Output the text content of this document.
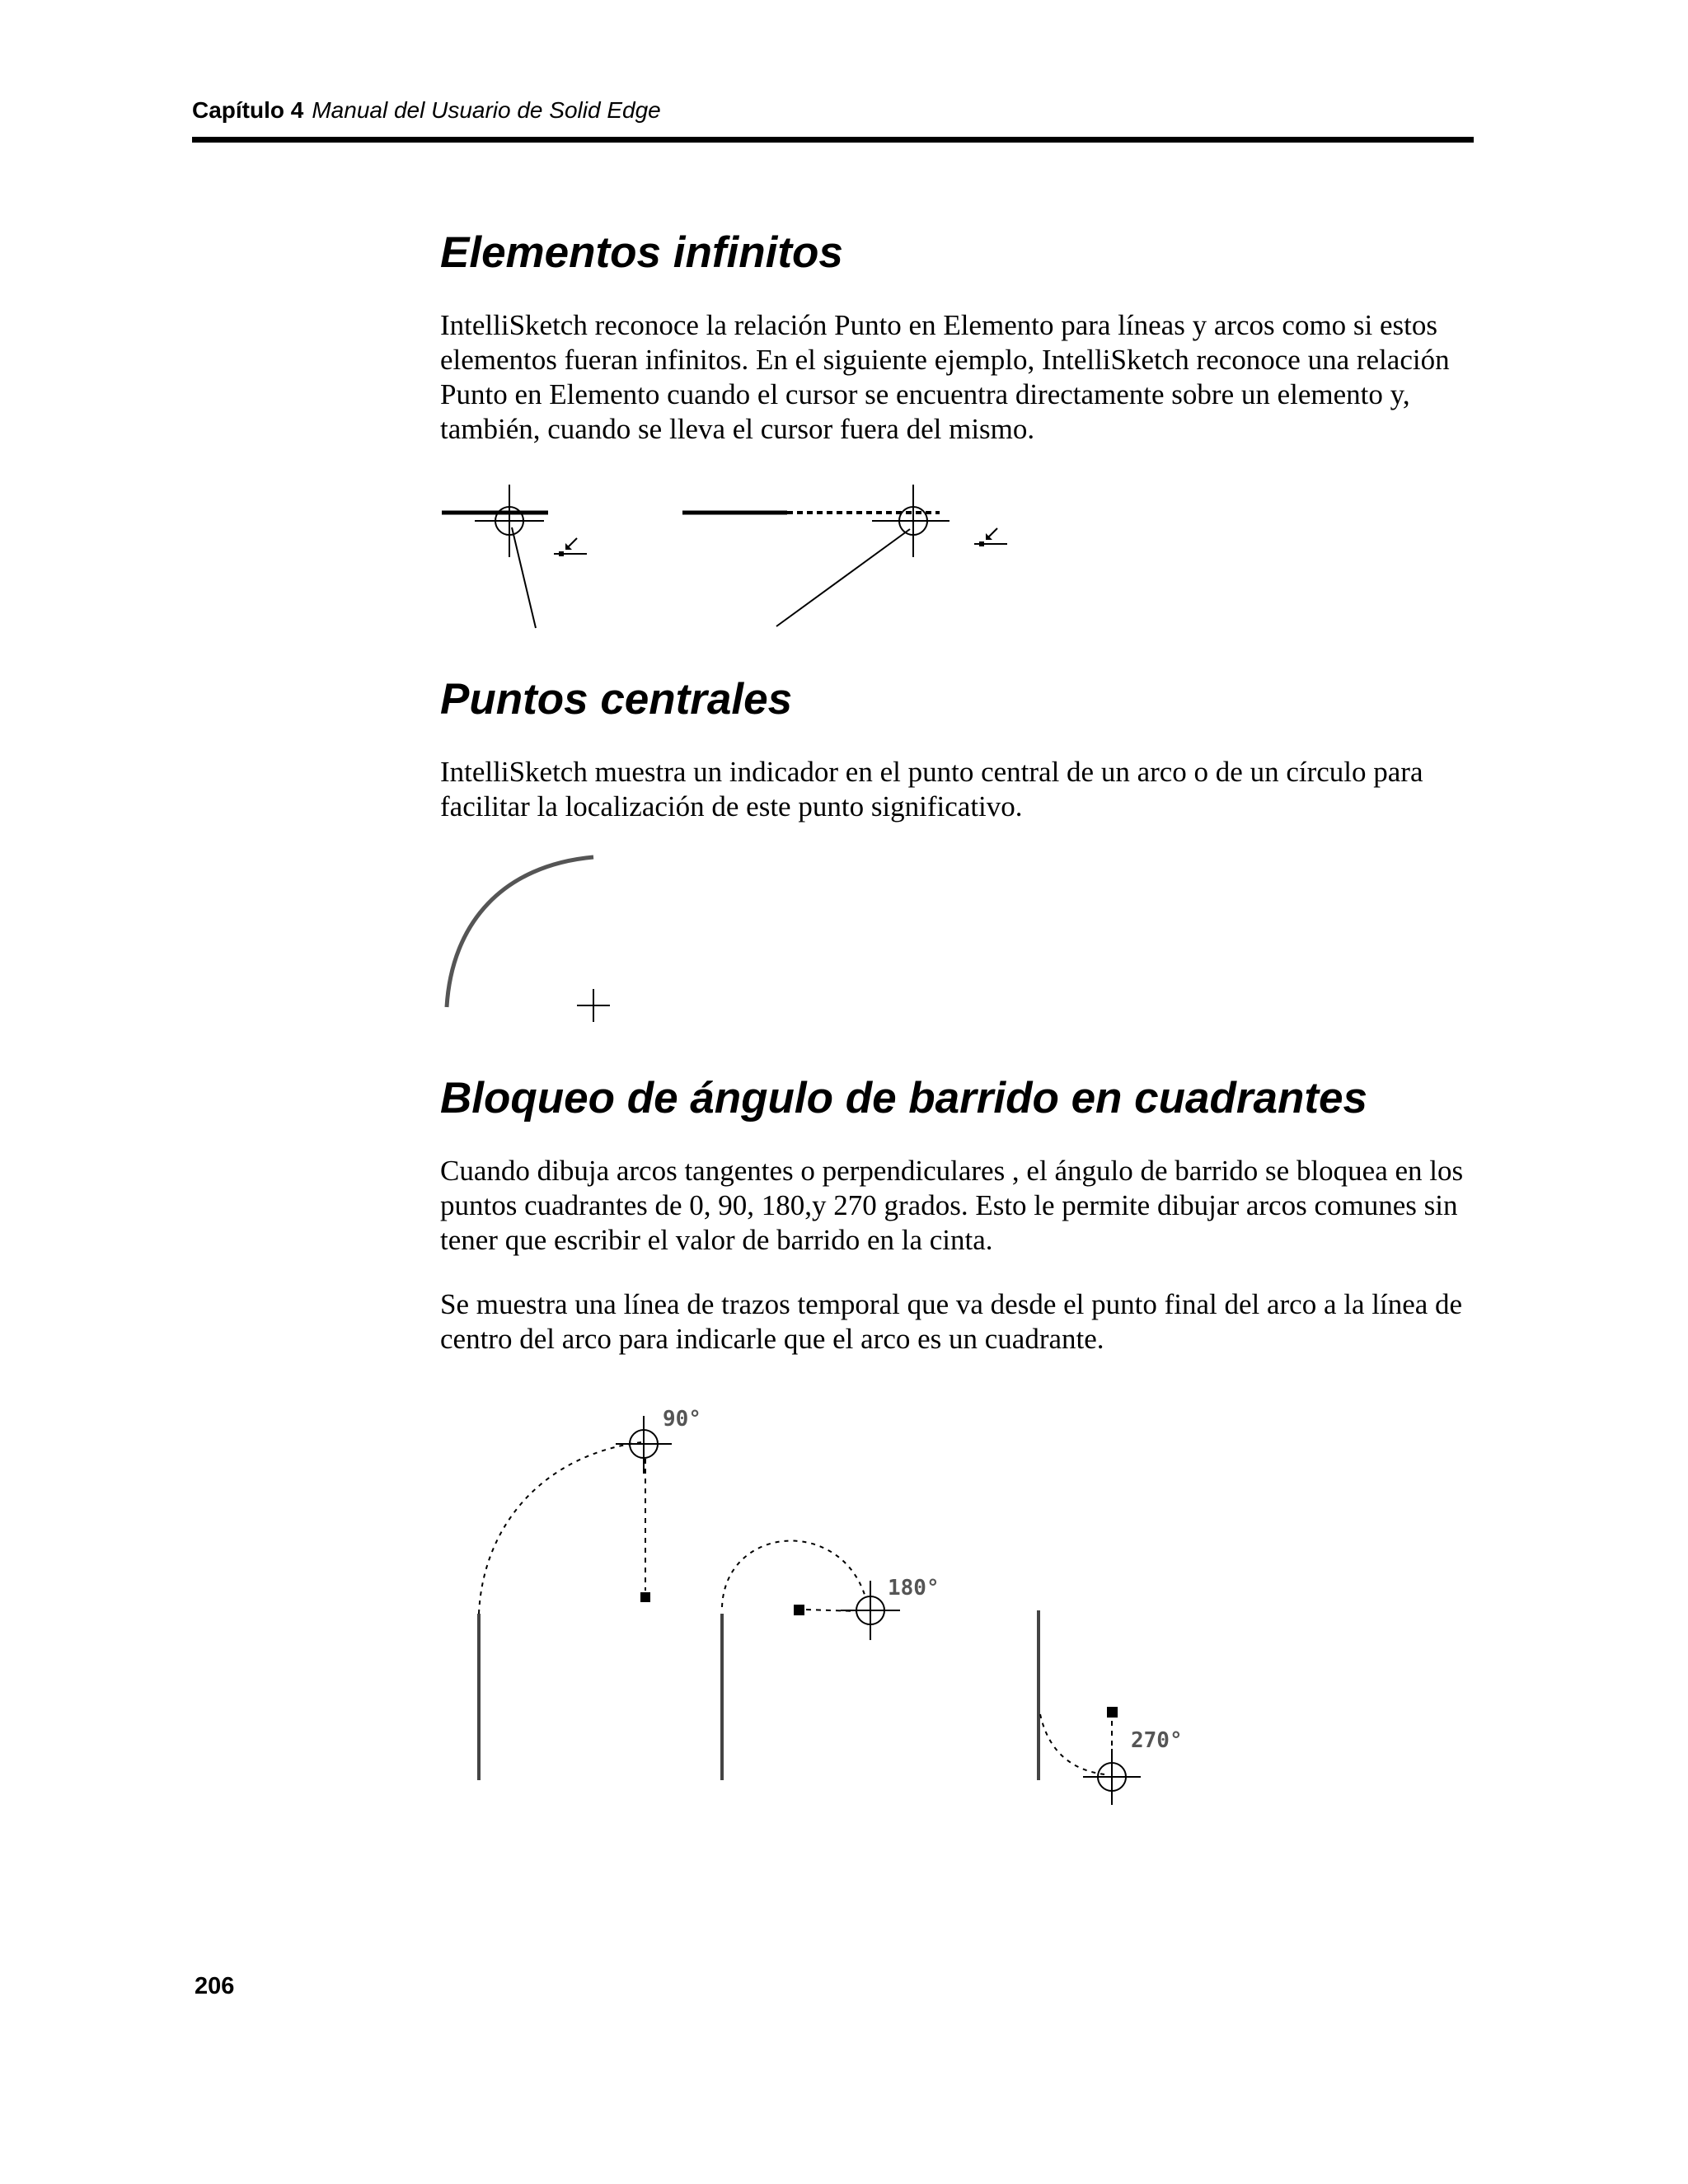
Capítulo 4 Manual del Usuario de Solid Edge
Elementos infinitos

IntelliSketch reconoce la relación Punto en Elemento para líneas y arcos como si estos elementos fueran infinitos. En el siguiente ejemplo, IntelliSketch reconoce una relación Punto en Elemento cuando el cursor se encuentra directamente sobre un elemento y, también, cuando se lleva el cursor fuera del mismo.

Puntos centrales

IntelliSketch muestra un indicador en el punto central de un arco o de un círculo para facilitar la localización de este punto significativo.

Bloqueo de ángulo de barrido en cuadrantes

Cuando dibuja arcos tangentes o perpendiculares , el ángulo de barrido se bloquea en los puntos cuadrantes de 0, 90, 180,y 270 grados. Esto le permite dibujar arcos comunes sin tener que escribir el valor de barrido en la cinta.

Se muestra una línea de trazos temporal que va desde el punto final del arco a la línea de centro del arco para indicarle que el arco es un cuadrante.

90°
180°
270°
206
